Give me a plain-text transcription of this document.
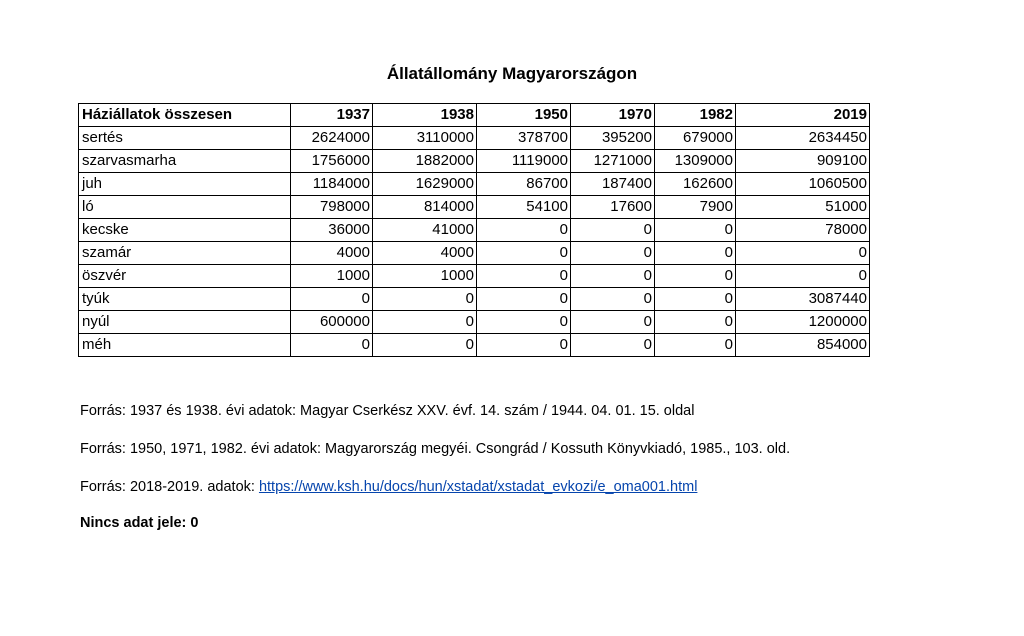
Állatállomány Magyarországon
Háziállatok összesen	1937	1938	1950	1970	1982	2019
sertés	2624000	3110000	378700	395200	679000	2634450
szarvasmarha	1756000	1882000	1119000	1271000	1309000	909100
juh	1184000	1629000	86700	187400	162600	1060500
ló	798000	814000	54100	17600	7900	51000
kecske	36000	41000	0	0	0	78000
szamár	4000	4000	0	0	0	0
öszvér	1000	1000	0	0	0	0
tyúk	0	0	0	0	0	3087440
nyúl	600000	0	0	0	0	1200000
méh	0	0	0	0	0	854000
Forrás: 1937 és 1938. évi adatok: Magyar Cserkész XXV. évf. 14. szám / 1944. 04. 01. 15. oldal
Forrás: 1950, 1971, 1982. évi adatok: Magyarország megyéi. Csongrád / Kossuth Könyvkiadó, 1985., 103. old.
Forrás: 2018-2019. adatok: https://www.ksh.hu/docs/hun/xstadat/xstadat_evkozi/e_oma001.html
Nincs adat jele: 0
